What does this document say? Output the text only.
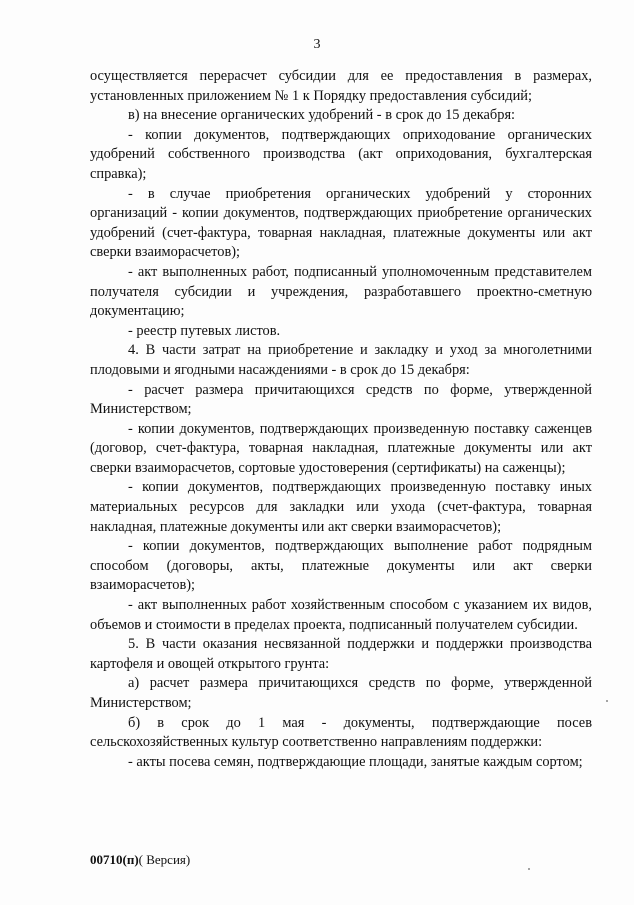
3

осуществляется перерасчет субсидии для ее предоставления в размерах, установленных приложением № 1 к Порядку предоставления субсидий;

в) на внесение органических удобрений - в срок до 15 декабря:

- копии документов, подтверждающих оприходование органических удобрений собственного производства (акт оприходования, бухгалтерская справка);

- в случае приобретения органических удобрений у сторонних организаций - копии документов, подтверждающих приобретение органических удобрений (счет-фактура, товарная накладная, платежные документы или акт сверки взаиморасчетов);

- акт выполненных работ, подписанный уполномоченным представителем получателя субсидии и учреждения, разработавшего проектно-сметную документацию;

- реестр путевых листов.

4. В части затрат на приобретение и закладку и уход за многолетними плодовыми и ягодными насаждениями - в срок до 15 декабря:

- расчет размера причитающихся средств по форме, утвержденной Министерством;

- копии документов, подтверждающих произведенную поставку саженцев (договор, счет-фактура, товарная накладная, платежные документы или акт сверки взаиморасчетов, сортовые удостоверения (сертификаты) на саженцы);

- копии документов, подтверждающих произведенную поставку иных материальных ресурсов для закладки или ухода (счет-фактура, товарная накладная, платежные документы или акт сверки взаиморасчетов);

- копии документов, подтверждающих выполнение работ подрядным способом (договоры, акты, платежные документы или акт сверки взаиморасчетов);

- акт выполненных работ хозяйственным способом с указанием их видов, объемов и стоимости в пределах проекта, подписанный получателем субсидии.

5. В части оказания несвязанной поддержки и поддержки производства картофеля и овощей открытого грунта:

а) расчет размера причитающихся средств по форме, утвержденной Министерством;

б) в срок до 1 мая - документы, подтверждающие посев сельскохозяйственных культур соответственно направлениям поддержки:

- акты посева семян, подтверждающие площади, занятые каждым сортом;

00710(п)( Версия)
